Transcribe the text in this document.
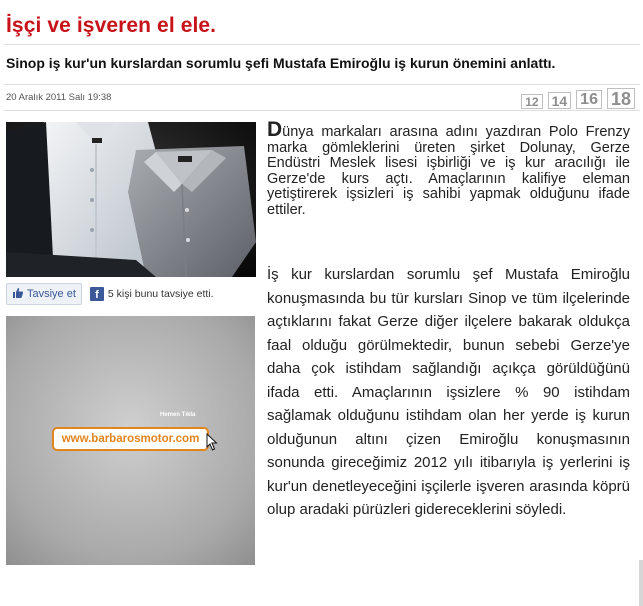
İşçi ve işveren el ele.
Sinop iş kur'un kurslardan sorumlu şefi Mustafa Emiroğlu iş kurun önemini anlattı.
20 Aralık 2011 Salı 19:38	12 14 16 18
Tavsiye et	f 5 kişi bunu tavsiye etti.
Hemen Tıkla
www.barbarosmotor.com

Dünya markaları arasına adını yazdıran Polo Frenzy marka gömleklerini üreten şirket Dolunay, Gerze Endüstri Meslek lisesi işbirliği ve iş kur aracılığı ile Gerze'de kurs açtı. Amaçlarının kalifiye eleman yetiştirerek işsizleri iş sahibi yapmak olduğunu ifade ettiler.

İş kur kurslardan sorumlu şef Mustafa Emiroğlu konuşmasında bu tür kursları Sinop ve tüm ilçelerinde açtıklarını fakat Gerze diğer ilçelere bakarak oldukça faal olduğu görülmektedir, bunun sebebi Gerze'ye daha çok istihdam sağlandığı açıkça görüldüğünü ifada etti. Amaçlarının işsizlere % 90 istihdam sağlamak olduğunu istihdam olan her yerde iş kurun olduğunun altını çizen Emiroğlu konuşmasının sonunda gireceğimiz 2012 yılı itibarıyla iş yerlerini iş kur'un denetleyeceğini işçilerle işveren arasında köprü olup aradaki pürüzleri gidereceklerini söyledi.
